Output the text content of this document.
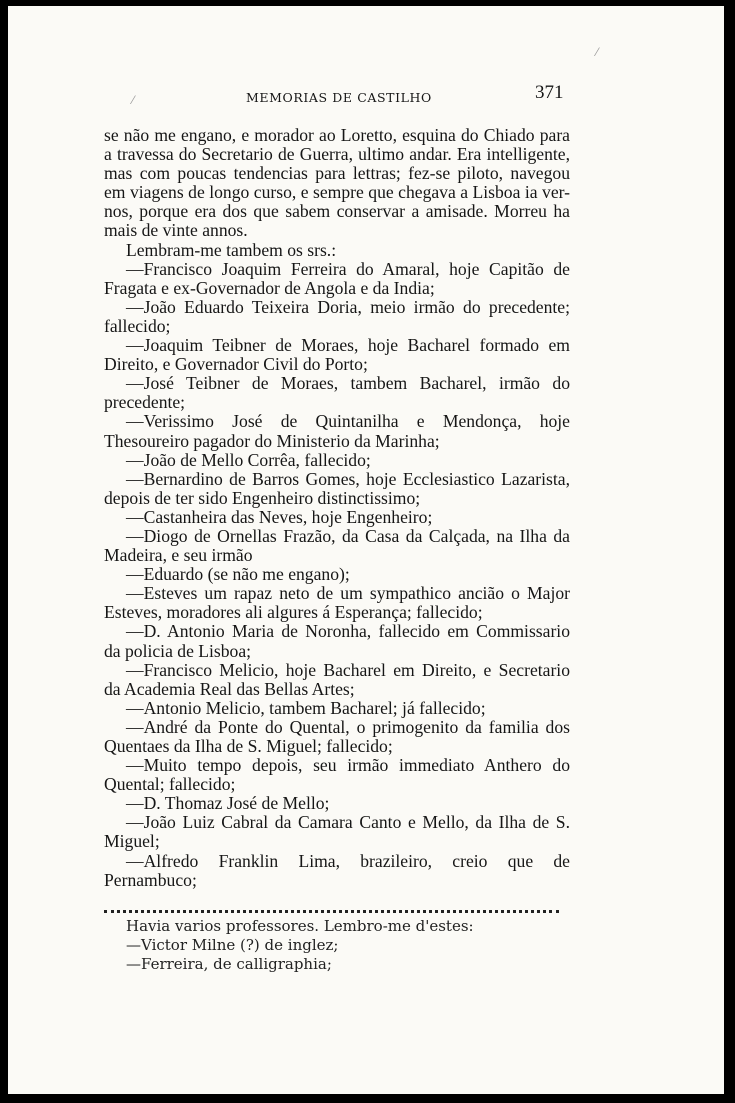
⁄
⁄	MEMORIAS DE CASTILHO	371

se não me engano, e morador ao Loretto, esquina do Chiado para a travessa do Secretario de Guerra, ultimo andar. Era intelligente, mas com poucas tendencias para lettras; fez-se piloto, navegou em viagens de longo curso, e sempre que chegava a Lisboa ia ver-nos, porque era dos que sabem conservar a amisade. Morreu ha mais de vinte annos.

Lembram-me tambem os srs.:

—Francisco Joaquim Ferreira do Amaral, hoje Capitão de Fragata e ex-Governador de Angola e da India;

—João Eduardo Teixeira Doria, meio irmão do precedente; fallecido;

—Joaquim Teibner de Moraes, hoje Bacharel formado em Direito, e Governador Civil do Porto;

—José Teibner de Moraes, tambem Bacharel, irmão do precedente;

—Verissimo José de Quintanilha e Mendonça, hoje Thesoureiro pagador do Ministerio da Marinha;

—João de Mello Corrêa, fallecido;

—Bernardino de Barros Gomes, hoje Ecclesiastico Lazarista, depois de ter sido Engenheiro distinctissimo;

—Castanheira das Neves, hoje Engenheiro;

—Diogo de Ornellas Frazão, da Casa da Calçada, na Ilha da Madeira, e seu irmão

—Eduardo (se não me engano);

—Esteves um rapaz neto de um sympathico ancião o Major Esteves, moradores ali algures á Esperança; fallecido;

—D. Antonio Maria de Noronha, fallecido em Commissario da policia de Lisboa;

—Francisco Melicio, hoje Bacharel em Direito, e Secretario da Academia Real das Bellas Artes;

—Antonio Melicio, tambem Bacharel; já fallecido;

—André da Ponte do Quental, o primogenito da familia dos Quentaes da Ilha de S. Miguel; fallecido;

—Muito tempo depois, seu irmão immediato Anthero do Quental; fallecido;

—D. Thomaz José de Mello;

—João Luiz Cabral da Camara Canto e Mello, da Ilha de S. Miguel;

—Alfredo Franklin Lima, brazileiro, creio que de Pernambuco;

Havia varios professores. Lembro-me d'estes:

—Victor Milne (?) de inglez;

—Ferreira, de calligraphia;
